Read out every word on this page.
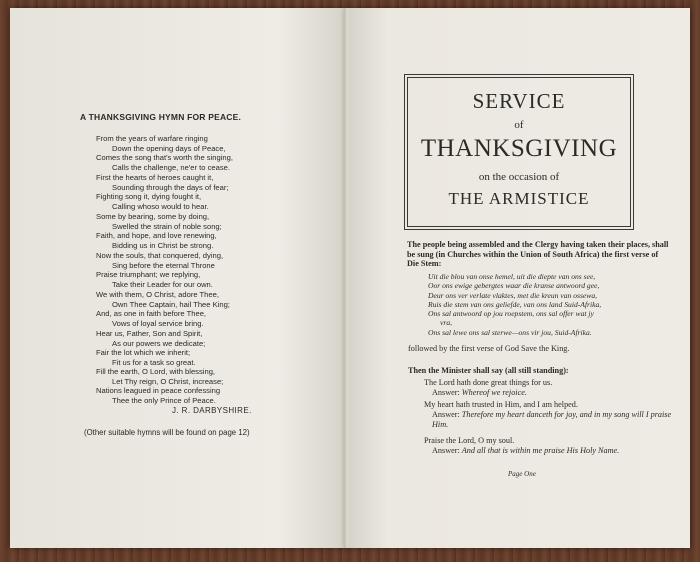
A THANKSGIVING HYMN FOR PEACE.
From the years of warfare ringing
Down the opening days of Peace,
Comes the song that's worth the singing,
Calls the challenge, ne'er to cease.
First the hearts of heroes caught it,
Sounding through the days of fear;
Fighting song it, dying fought it,
Calling whoso would to hear.
Some by bearing, some by doing,
Swelled the strain of noble song;
Faith, and hope, and love renewing,
Bidding us in Christ be strong.
Now the souls, that conquered, dying,
Sing before the eternal Throne
Praise triumphant; we replying,
Take their Leader for our own.
We with them, O Christ, adore Thee,
Own Thee Captain, hail Thee King;
And, as one in faith before Thee,
Vows of loyal service bring.
Hear us, Father, Son and Spirit,
As our powers we dedicate;
Fair the lot which we inherit;
Fit us for a task so great.
Fill the earth, O Lord, with blessing,
Let Thy reign, O Christ, increase;
Nations leagued in peace confessing
Thee the only Prince of Peace.
J. R. DARBYSHIRE.
(Other suitable hymns will be found on page 12)
SERVICE
of
THANKSGIVING
on the occasion of
THE ARMISTICE
The people being assembled and the Clergy having taken their places, shall be sung (in Churches within the Union of South Africa) the first verse of Die Stem:
Uit die blou van onse hemel, uit die diepte van ons see,
Oor ons ewige gebergtes waar die kranse antwoord gee,
Deur ons ver verlate vlaktes, met die kreun van ossewa,
Ruis die stem van ons geliefde, van ons land Suid-Afrika,
Ons sal antwoord op jou roepstem, ons sal offer wat jy
vra,
Ons sal lewe ons sal sterwe—ons vir jou, Suid-Afrika.
followed by the first verse of God Save the King.
Then the Minister shall say (all still standing):
The Lord hath done great things for us.
Answer: Whereof we rejoice.
My heart hath trusted in Him, and I am helped.
Answer: Therefore my heart danceth for joy, and in my song will I praise Him.
Praise the Lord, O my soul.
Answer: And all that is within me praise His Holy Name.
Page One
